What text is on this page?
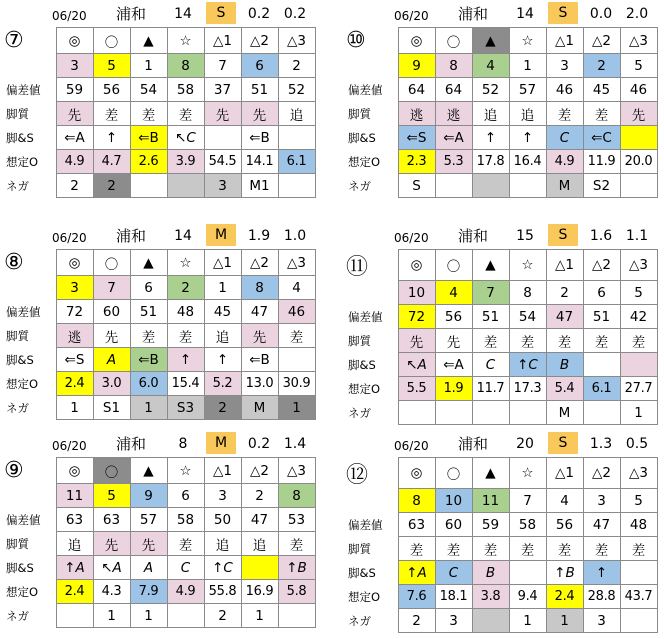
06/20 浦和 14	S	0.2 0.2
⑦	◎	〇	▲	☆	△1	△2	△3
	3	5	1	8	7	6	2
偏差値	59	56	54	58	37	51	52
脚質	先	差	差	差	先	先	追
脚&S	⇐A	↑	⇐B	↖C		⇐B	
想定O	4.9	4.7	2.6	3.9	54.5	14.1	6.1
ネガ	2	2			3	M1	
06/20 浦和 14	S	0.0 2.0
⑩	◎	〇	▲	☆	△1	△2	△3
	9	8	4	1	3	2	5
偏差値	64	64	52	57	46	45	46
脚質	逃	逃	追	追	差	差	先
脚&S	⇐S	⇐A	↑	↑	C	⇐C	
想定O	2.3	5.3	17.8	16.4	4.9	11.9	20.0
ネガ	S				M	S2	
06/20 浦和 14	M	1.9 1.0
⑧	◎	〇	▲	☆	△1	△2	△3
	3	7	6	2	1	8	4
偏差値	72	60	51	48	45	47	46
脚質	逃	先	差	差	追	先	差
脚&S	⇐S	A	⇐B	↑	↑	⇐B	
想定O	2.4	3.0	6.0	15.4	5.2	13.0	30.9
ネガ	1	S1	1	S3	2	M	1
06/20 浦和 15	S	1.6 1.1
⑪	◎	〇	▲	☆	△1	△2	△3
	10	4	7	8	2	6	5
偏差値	72	56	51	54	47	51	42
脚質	先	先	差	差	差	差	差
脚&S	↖A	⇐A	C	↑C	B		
想定O	5.5	1.9	11.7	17.3	5.4	6.1	27.7
ネガ					M		1
06/20 浦和	8	M	0.2 1.4
⑨	◎	〇	▲	☆	△1	△2	△3
	11	5	9	6	3	2	8
偏差値	63	63	57	58	50	47	53
脚質	追	先	先	差	追	追	差
脚&S	↑A	↖A	A	C	↑C		↑B
想定O	2.4	4.3	7.9	4.9	55.8	16.9	5.8
ネガ		1	1		2	1	
06/20 浦和 20	S	1.3 0.5
⑫	◎	〇	▲	☆	△1	△2	△3
	8	10	11	7	4	3	5
偏差値	63	60	59	58	56	47	48
脚質	差	差	差	差	差	差	差
脚&S	↑A	C	B		↑B	↑	
想定O	7.6	18.1	3.8	9.4	2.4	28.8	43.7
ネガ	2	3		1	1	3	
